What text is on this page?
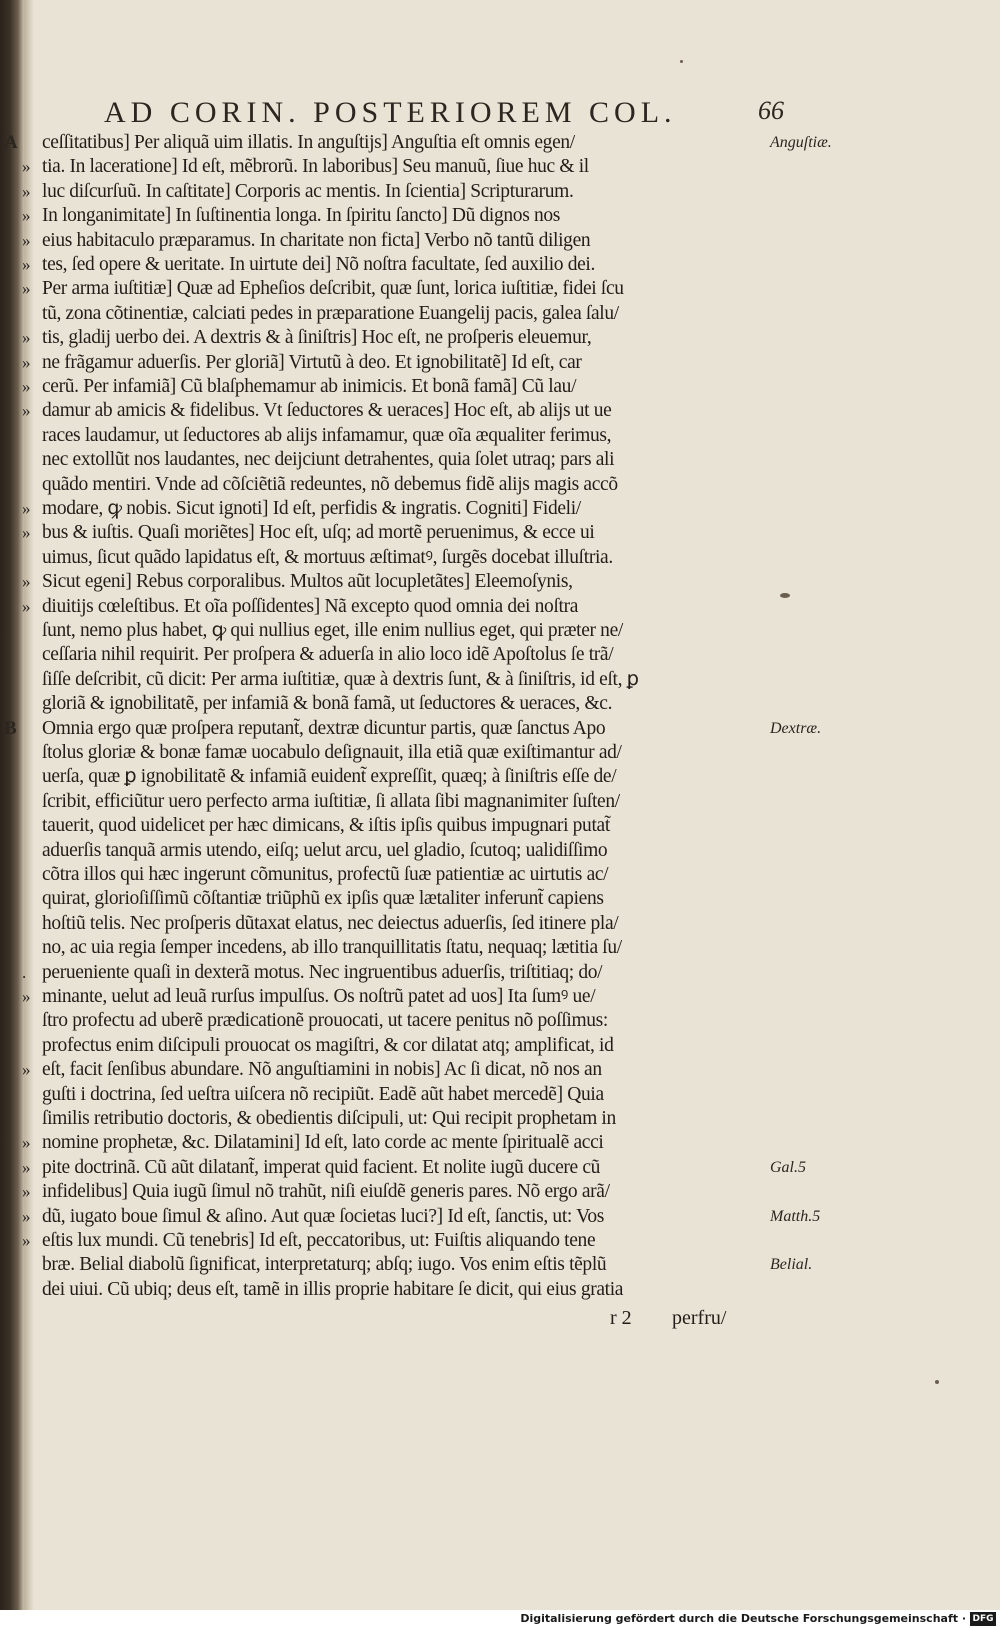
AD CORIN. POSTERIOREM COL.	66
A	ceſſitatibus] Per aliquã uim illatis. In anguſtijs] Anguſtia eſt omnis egen/	Anguſtiæ.
» tia. In laceratione] Id eſt, mẽbrorũ. In laboribus] Seu manuũ, ſiue huc & il
» luc diſcurſuũ. In caſtitate] Corporis ac mentis. In ſcientia] Scripturarum.
» In longanimitate] In ſuſtinentia longa. In ſpiritu ſancto] Dũ dignos nos
» eius habitaculo præparamus. In charitate non ficta] Verbo nõ tantũ diligen
» tes, ſed opere & ueritate. In uirtute dei] Nõ noſtra facultate, ſed auxilio dei.
» Per arma iuſtitiæ] Quæ ad Epheſios deſcribit, quæ ſunt, lorica iuſtitiæ, fidei ſcu
tũ, zona cõtinentiæ, calciati pedes in præparatione Euangelij pacis, galea ſalu/
» tis, gladij uerbo dei. A dextris & à ſiniſtris] Hoc eſt, ne proſperis eleuemur,
» ne frãgamur aduerſis. Per gloriã] Virtutũ à deo. Et ignobilitatẽ] Id eſt, car
» cerũ. Per infamiã] Cũ blaſphemamur ab inimicis. Et bonã famã] Cũ lau/
» damur ab amicis & fidelibus. Vt ſeductores & ueraces] Hoc eſt, ab alijs ut ue
races laudamur, ut ſeductores ab alijs infamamur, quæ oĩa æqualiter ferimus,
nec extollũt nos laudantes, nec deijciunt detrahentes, quia ſolet utraq; pars ali
quãdo mentiri. Vnde ad cõſciẽtiã redeuntes, nõ debemus fidẽ alijs magis accõ
» modare, ꝙ nobis. Sicut ignoti] Id eſt, perfidis & ingratis. Cogniti] Fideli/
» bus & iuſtis. Quaſi moriẽtes] Hoc eſt, uſq; ad mortẽ peruenimus, & ecce ui
uimus, ſicut quãdo lapidatus eſt, & mortuus æſtimatꝰ, ſurgẽs docebat illuſtria.
» Sicut egeni] Rebus corporalibus. Multos aũt locupletãtes] Eleemoſynis,
» diuitijs cœleſtibus. Et oĩa poſſidentes] Nã excepto quod omnia dei noſtra
ſunt, nemo plus habet, ꝙ qui nullius eget, ille enim nullius eget, qui præter ne/
ceſſaria nihil requirit. Per proſpera & aduerſa in alio loco idẽ Apoſtolus ſe trã/
ſiſſe deſcribit, cũ dicit: Per arma iuſtitiæ, quæ à dextris ſunt, & à ſiniſtris, id eſt, ꝑ
gloriã & ignobilitatẽ, per infamiã & bonã famã, ut ſeductores & ueraces, &c.
B	Omnia ergo quæ proſpera reputant̃, dextræ dicuntur partis, quæ ſanctus Apo	Dextræ.
ſtolus gloriæ & bonæ famæ uocabulo deſignauit, illa etiã quæ exiſtimantur ad/
uerſa, quæ ꝑ ignobilitatẽ & infamiã euident̃ expreſſit, quæq; à ſiniſtris eſſe de/
ſcribit, efficiũtur uero perfecto arma iuſtitiæ, ſi allata ſibi magnanimiter ſuſten/
tauerit, quod uidelicet per hæc dimicans, & iſtis ipſis quibus impugnari putat̃
aduerſis tanquã armis utendo, eiſq; uelut arcu, uel gladio, ſcutoq; ualidiſſimo
cõtra illos qui hæc ingerunt cõmunitus, profectũ ſuæ patientiæ ac uirtutis ac/
quirat, glorioſiſſimũ cõſtantiæ triũphũ ex ipſis quæ lætaliter inferunt̃ capiens
hoſtiũ telis. Nec proſperis dũtaxat elatus, nec deiectus aduerſis, ſed itinere pla/
no, ac uia regia ſemper incedens, ab illo tranquillitatis ſtatu, nequaq; lætitia ſu/
. perueniente quaſi in dexterã motus. Nec ingruentibus aduerſis, triſtitiaq; do/
» minante, uelut ad leuã rurſus impulſus. Os noſtrũ patet ad uos] Ita ſumꝰ ue/
ſtro profectu ad uberẽ prædicationẽ prouocati, ut tacere penitus nõ poſſimus:
profectus enim diſcipuli prouocat os magiſtri, & cor dilatat atq; amplificat, id
» eſt, facit ſenſibus abundare. Nõ anguſtiamini in nobis] Ac ſi dicat, nõ nos an
guſti i doctrina, ſed ueſtra uiſcera nõ recipiũt. Eadẽ aũt habet mercedẽ] Quia
ſimilis retributio doctoris, & obedientis diſcipuli, ut: Qui recipit prophetam in
» nomine prophetæ, &c. Dilatamini] Id eſt, lato corde ac mente ſpiritualẽ acci
» pite doctrinã. Cũ aũt dilatant̃, imperat quid facient. Et nolite iugũ ducere cũ	Gal.5
» infidelibus] Quia iugũ ſimul nõ trahũt, niſi eiuſdẽ generis pares. Nõ ergo arã/
» dũ, iugato boue ſimul & aſino. Aut quæ ſocietas luci?] Id eſt, ſanctis, ut: Vos	Matth.5
» eſtis lux mundi. Cũ tenebris] Id eſt, peccatoribus, ut: Fuiſtis aliquando tene
bræ. Belial diabolũ ſignificat, interpretaturq; abſq; iugo. Vos enim eſtis tẽplũ	Belial.
dei uiui. Cũ ubiq; deus eſt, tamẽ in illis proprie habitare ſe dicit, qui eius gratia
r 2 perfru/
Digitalisierung gefördert durch die Deutsche Forschungsgemeinschaft · DFG
